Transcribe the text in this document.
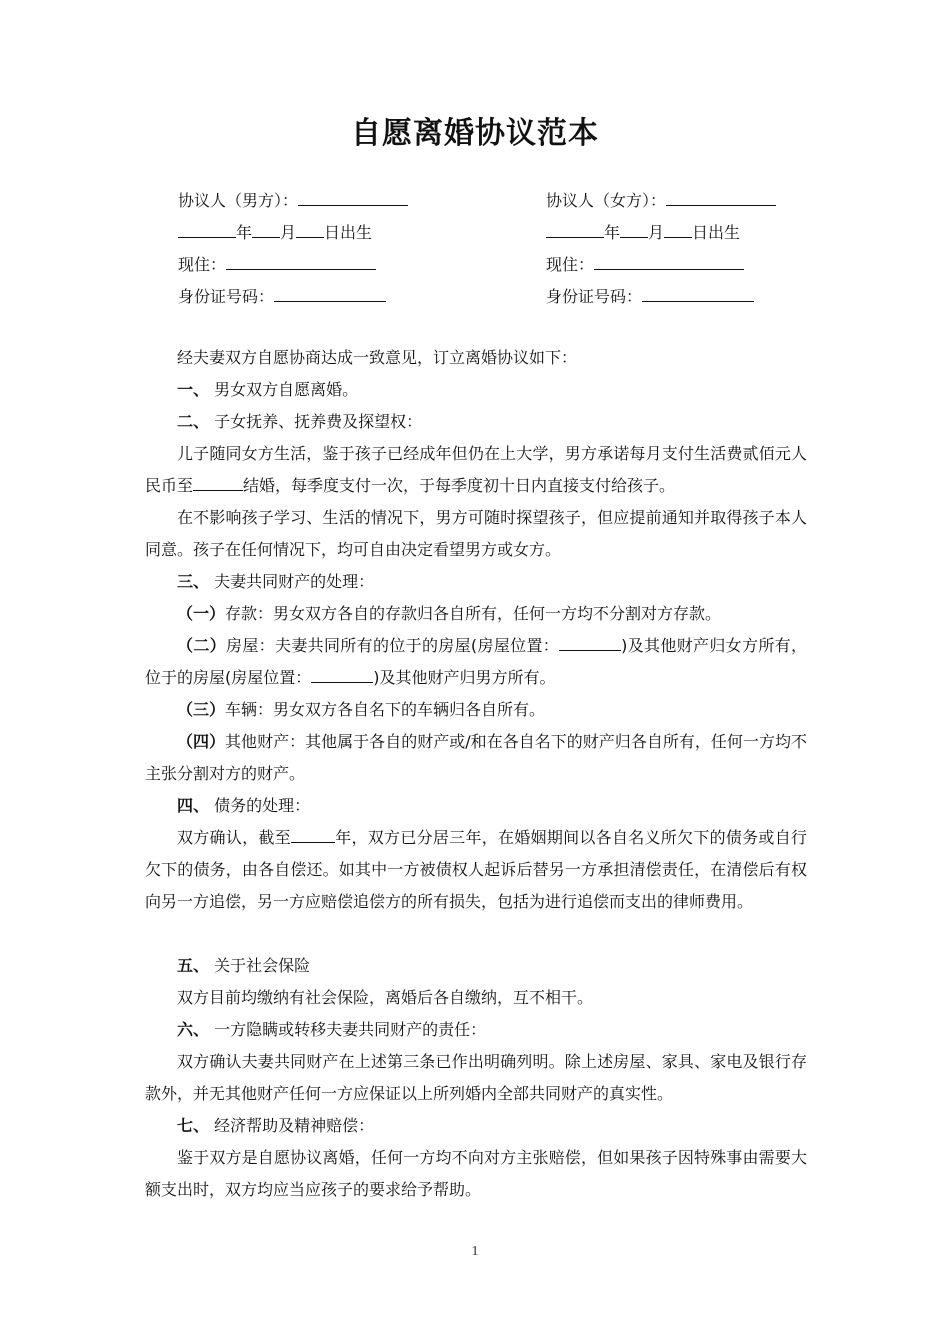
自愿离婚协议范本
协议人（男方）：
年 月 日出生
现住：
身份证号码：
协议人（女方）：
年 月 日出生
现住：
身份证号码：
经夫妻双方自愿协商达成一致意见，订立离婚协议如下：
一、 男女双方自愿离婚。
二、 子女抚养、抚养费及探望权：
儿子随同女方生活，鉴于孩子已经成年但仍在上大学，男方承诺每月支付生活费贰佰元人民币至	结婚，每季度支付一次，于每季度初十日内直接支付给孩子。
在不影响孩子学习、生活的情况下，男方可随时探望孩子，但应提前通知并取得孩子本人同意。孩子在任何情况下，均可自由决定看望男方或女方。
三、 夫妻共同财产的处理：
（一）存款：男女双方各自的存款归各自所有，任何一方均不分割对方存款。
（二）房屋：夫妻共同所有的位于的房屋(房屋位置：	)及其他财产归女方所有，位于的房屋(房屋位置：	)及其他财产归男方所有。
（三）车辆：男女双方各自名下的车辆归各自所有。
（四）其他财产：其他属于各自的财产或/和在各自名下的财产归各自所有，任何一方均不主张分割对方的财产。
四、 债务的处理：
双方确认，截至	年，双方已分居三年，在婚姻期间以各自名义所欠下的债务或自行欠下的债务，由各自偿还。如其中一方被债权人起诉后替另一方承担清偿责任，在清偿后有权向另一方追偿，另一方应赔偿追偿方的所有损失，包括为进行追偿而支出的律师费用。
五、 关于社会保险
双方目前均缴纳有社会保险，离婚后各自缴纳，互不相干。
六、 一方隐瞒或转移夫妻共同财产的责任：
双方确认夫妻共同财产在上述第三条已作出明确列明。除上述房屋、家具、家电及银行存款外，并无其他财产任何一方应保证以上所列婚内全部共同财产的真实性。
七、 经济帮助及精神赔偿：
鉴于双方是自愿协议离婚，任何一方均不向对方主张赔偿，但如果孩子因特殊事由需要大额支出时，双方均应当应孩子的要求给予帮助。
1
